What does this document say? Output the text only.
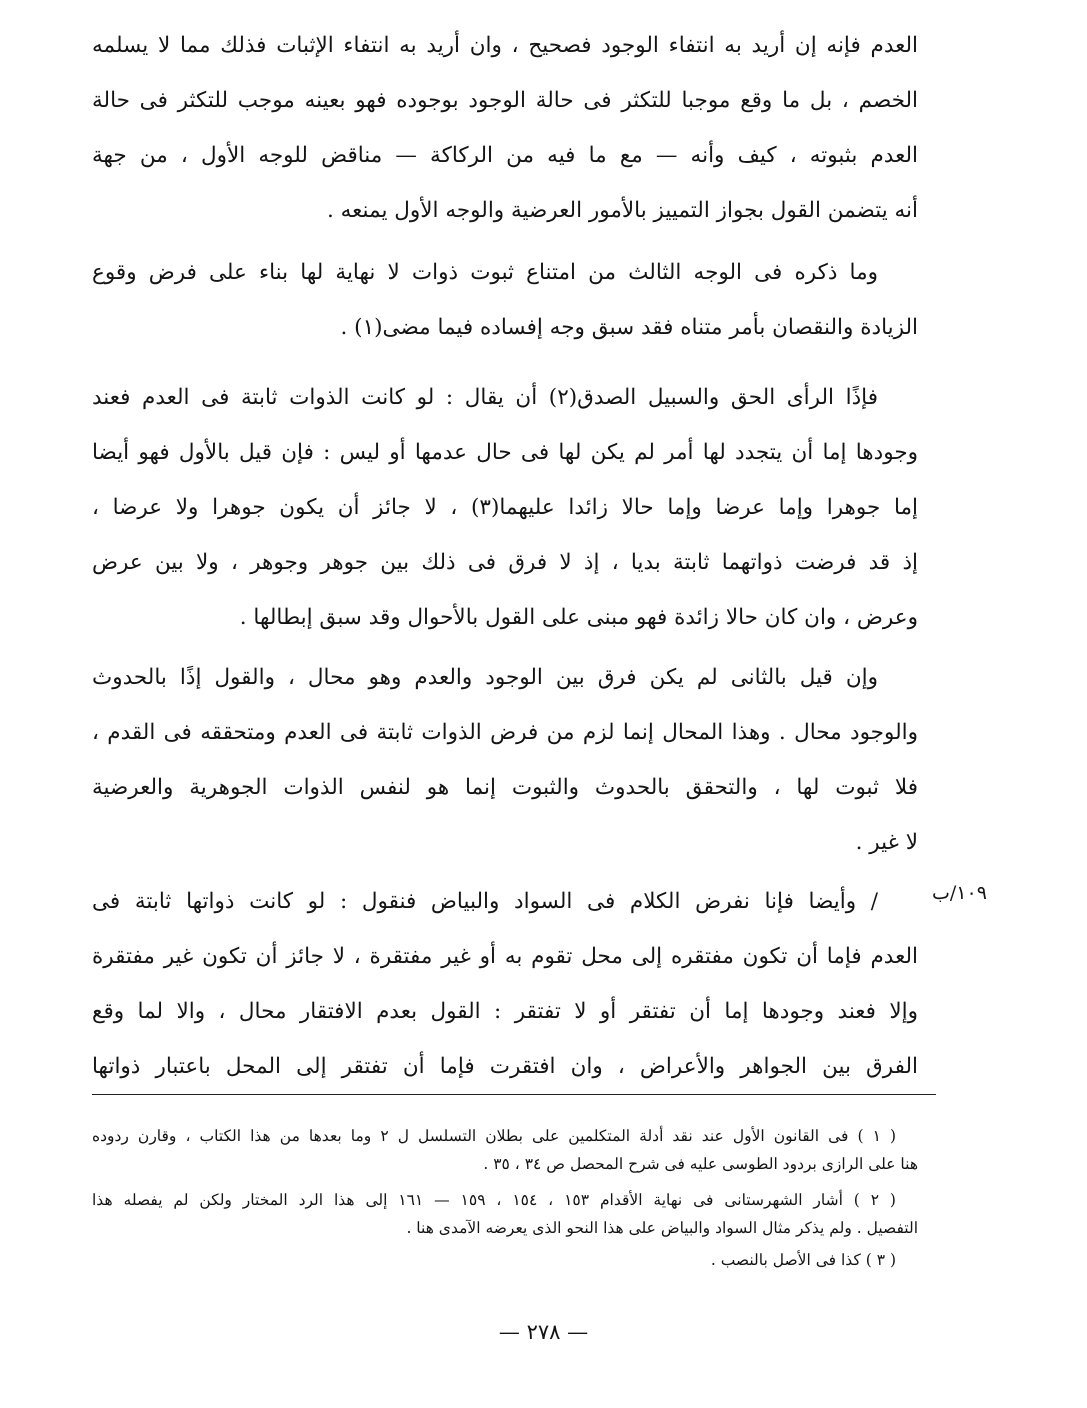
١٠٩/ب
العدم فإنه إن أريد به انتفاء الوجود فصحيح ، وان أريد به انتفاء الإثبات فذلك مما لا يسلمه
الخصم ، بل ما وقع موجبا للتكثر فى حالة الوجود بوجوده فهو بعينه موجب للتكثر فى حالة
العدم بثبوته ، كيف وأنه — مع ما فيه من الركاكة — مناقض للوجه الأول ، من جهة
أنه يتضمن القول بجواز التمييز بالأمور العرضية والوجه الأول يمنعه .
وما ذكره فى الوجه الثالث من امتناع ثبوت ذوات لا نهاية لها بناء على فرض وقوع
الزيادة والنقصان بأمر متناه فقد سبق وجه إفساده فيما مضى(١) .
فإذًا الرأى الحق والسبيل الصدق(٢) أن يقال : لو كانت الذوات ثابتة فى العدم فعند
وجودها إما أن يتجدد لها أمر لم يكن لها فى حال عدمها أو ليس : فإن قيل بالأول فهو أيضا
إما جوهرا وإما عرضا وإما حالا زائدا عليهما(٣) ، لا جائز أن يكون جوهرا ولا عرضا ،
إذ قد فرضت ذواتهما ثابتة بديا ، إذ لا فرق فى ذلك بين جوهر وجوهر ، ولا بين عرض
وعرض ، وان كان حالا زائدة فهو مبنى على القول بالأحوال وقد سبق إبطالها .
وإن قيل بالثانى لم يكن فرق بين الوجود والعدم وهو محال ، والقول إذًا بالحدوث
والوجود محال . وهذا المحال إنما لزم من فرض الذوات ثابتة فى العدم ومتحققه فى القدم ،
فلا ثبوت لها ، والتحقق بالحدوث والثبوت إنما هو لنفس الذوات الجوهرية والعرضية
لا غير .
/ وأيضا فإنا نفرض الكلام فى السواد والبياض فنقول : لو كانت ذواتها ثابتة فى
العدم فإما أن تكون مفتقره إلى محل تقوم به أو غير مفتقرة ، لا جائز أن تكون غير مفتقرة
وإلا فعند وجودها إما أن تفتقر أو لا تفتقر : القول بعدم الافتقار محال ، والا لما وقع
الفرق بين الجواهر والأعراض ، وان افتقرت فإما أن تفتقر إلى المحل باعتبار ذواتها
( ١ ) فى القانون الأول عند نقد أدلة المتكلمين على بطلان التسلسل ل ٢ وما بعدها من هذا الكتاب ، وقارن ردوده
هنا على الرازى بردود الطوسى عليه فى شرح المحصل ص ٣٤ ، ٣٥ .
( ٢ ) أشار الشهرستانى فى نهاية الأقدام ١٥٣ ، ١٥٤ ، ١٥٩ — ١٦١ إلى هذا الرد المختار ولكن لم يفصله هذا
التفصيل . ولم يذكر مثال السواد والبياض على هذا النحو الذى يعرضه الآمدى هنا .
( ٣ ) كذا فى الأصل بالنصب .
— ٢٧٨ —
